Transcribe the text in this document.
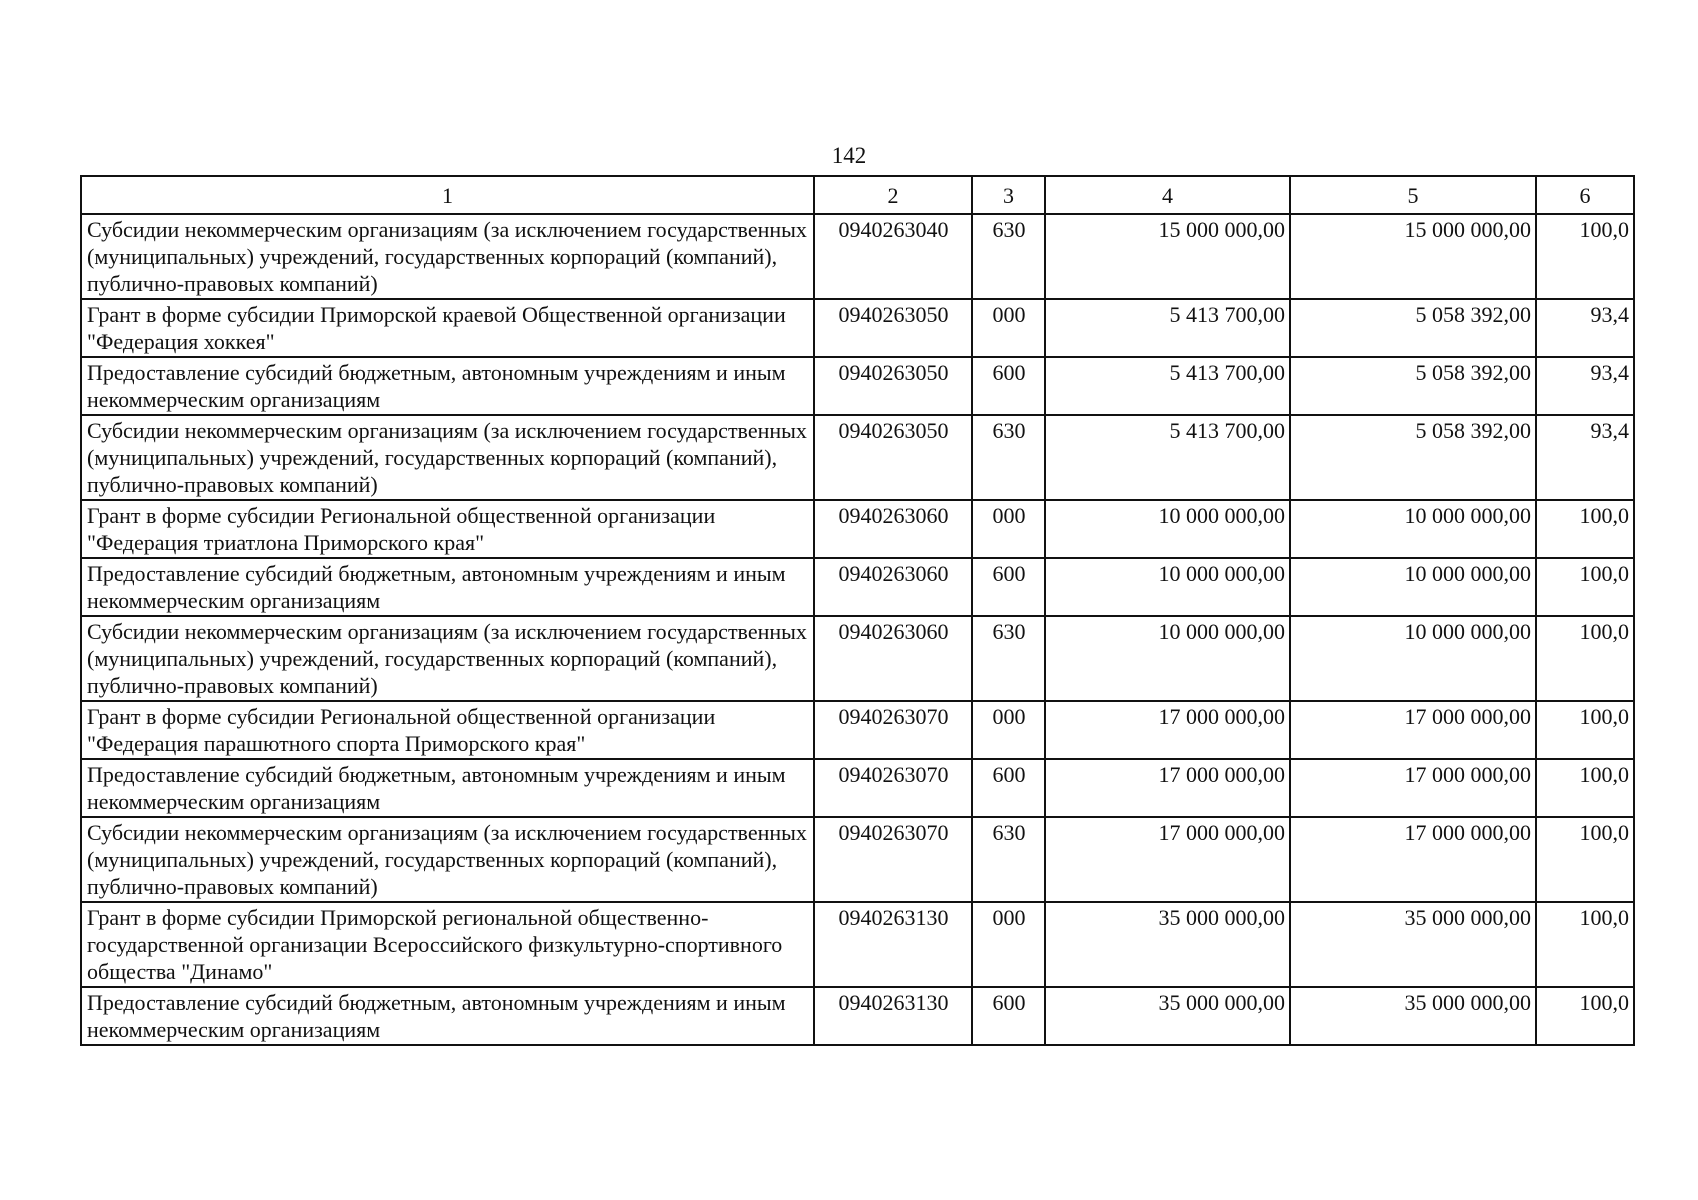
142
1	2	3	4	5	6
Субсидии некоммерческим организациям (за исключением государственных (муниципальных) учреждений, государственных корпораций (компаний), публично-правовых компаний)	0940263040	630	15 000 000,00	15 000 000,00	100,0
Грант в форме субсидии Приморской краевой Общественной организации "Федерация хоккея"	0940263050	000	5 413 700,00	5 058 392,00	93,4
Предоставление субсидий бюджетным, автономным учреждениям и иным некоммерческим организациям	0940263050	600	5 413 700,00	5 058 392,00	93,4
Субсидии некоммерческим организациям (за исключением государственных (муниципальных) учреждений, государственных корпораций (компаний), публично-правовых компаний)	0940263050	630	5 413 700,00	5 058 392,00	93,4
Грант в форме субсидии Региональной общественной организации "Федерация триатлона Приморского края"	0940263060	000	10 000 000,00	10 000 000,00	100,0
Предоставление субсидий бюджетным, автономным учреждениям и иным некоммерческим организациям	0940263060	600	10 000 000,00	10 000 000,00	100,0
Субсидии некоммерческим организациям (за исключением государственных (муниципальных) учреждений, государственных корпораций (компаний), публично-правовых компаний)	0940263060	630	10 000 000,00	10 000 000,00	100,0
Грант в форме субсидии Региональной общественной организации "Федерация парашютного спорта Приморского края"	0940263070	000	17 000 000,00	17 000 000,00	100,0
Предоставление субсидий бюджетным, автономным учреждениям и иным некоммерческим организациям	0940263070	600	17 000 000,00	17 000 000,00	100,0
Субсидии некоммерческим организациям (за исключением государственных (муниципальных) учреждений, государственных корпораций (компаний), публично-правовых компаний)	0940263070	630	17 000 000,00	17 000 000,00	100,0
Грант в форме субсидии Приморской региональной общественно-государственной организации Всероссийского физкультурно-спортивного общества "Динамо"	0940263130	000	35 000 000,00	35 000 000,00	100,0
Предоставление субсидий бюджетным, автономным учреждениям и иным некоммерческим организациям	0940263130	600	35 000 000,00	35 000 000,00	100,0
